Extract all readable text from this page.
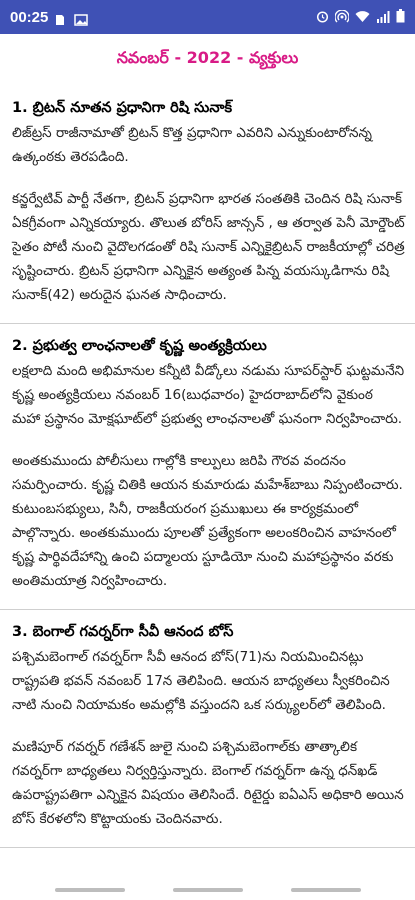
00:25
నవంబర్ - 2022 - వ్యక్తులు
1. బ్రిటన్ నూతన ప్రధానిగా రిషి సునాక్

లిజ్‌ట్రస్ రాజీనామాతో బ్రిటన్ కొత్త ప్రధానిగా ఎవరిని ఎన్నుకుంటారోనన్న ఉత్కంఠకు తెరపడింది.

కన్జర్వేటివ్ పార్టీ నేతగా, బ్రిటన్ ప్రధానిగా భారత సంతతికి చెందిన రిషి సునాక్ ఏకగ్రీవంగా ఎన్నికయ్యారు. తొలుత బోరిస్ జాన్సన్ , ఆ తర్వాత పెనీ మోర్డౌంట్ సైతం పోటీ నుంచి వైదొలగడంతో రిషి సునాక్ ఎన్నికైబ్రిటన్ రాజకీయాల్లో చరిత్ర సృష్టించారు. బ్రిటన్ ప్రధానిగా ఎన్నికైన అత్యంత పిన్న వయస్కుడిగాను రిషి సునాక్(42) అరుదైన ఘనత సాధించారు.

2. ప్రభుత్వ లాంఛనాలతో కృష్ణ అంత్యక్రియలు

లక్షలాది మంది అభిమానుల కన్నీటి వీడ్కోలు నడుమ సూపర్‌స్టార్ ఘట్టమనేని కృష్ణ అంత్యక్రియలు నవంబర్ 16(బుధవారం) హైదరాబాద్‌లోని వైకుంఠ మహా ప్రస్థానం మోక్షఘాట్‌లో ప్రభుత్వ లాంఛనాలతో ఘనంగా నిర్వహించారు.

అంతకుముందు పోలీసులు గాల్లోకి కాల్పులు జరిపి గౌరవ వందనం సమర్పించారు. కృష్ణ చితికి ఆయన కుమారుడు మహేశ్‌బాబు నిప్పంటించారు. కుటుంబసభ్యులు, సినీ, రాజకీయరంగ ప్రముఖులు ఈ కార్యక్రమంలో పాల్గొన్నారు. అంతకుముందు పూలతో ప్రత్యేకంగా అలంకరించిన వాహనంలో కృష్ణ పార్థివదేహాన్ని ఉంచి పద్మాలయ స్టూడియో నుంచి మహాప్రస్థానం వరకు అంతిమయాత్ర నిర్వహించారు.

3. బెంగాల్ గవర్నర్‌గా సీవీ ఆనంద బోస్

పశ్చిమబెంగాల్ గవర్నర్‌గా సీవీ ఆనంద బోస్(71)ను నియమించినట్లు రాష్ట్రపతి భవన్ నవంబర్ 17న తెలిపింది. ఆయన బాధ్యతలు స్వీకరించిన నాటి నుంచి నియామకం అమల్లోకి వస్తుందని ఒక సర్క్యులర్‌లో తెలిపింది.

మణిపూర్ గవర్నర్ గణేశన్ జులై నుంచి పశ్చిమబెంగాల్‌కు తాత్కాలిక గవర్నర్‌గా బాధ్యతలు నిర్వర్తిస్తున్నారు. బెంగాల్ గవర్నర్‌గా ఉన్న ధన్‌ఖడ్ ఉపరాష్ట్రపతిగా ఎన్నికైన విషయం తెలిసిందే. రిటైర్డు ఐఏఎస్ అధికారి అయిన బోస్ కేరళలోని కొట్టాయంకు చెందినవారు.
